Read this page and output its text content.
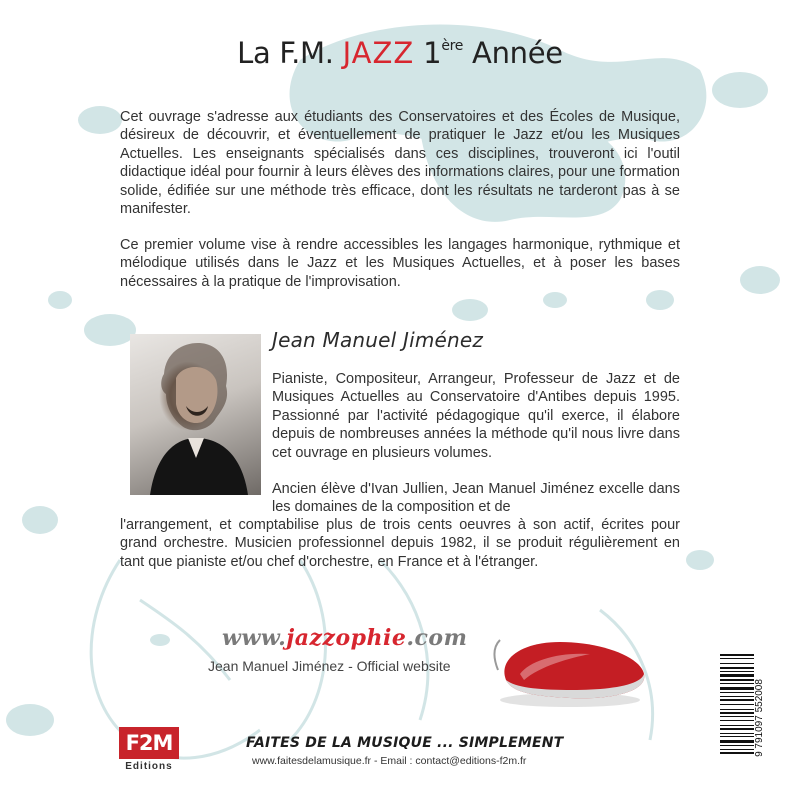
La F.M. JAZZ 1ère Année

Cet ouvrage s'adresse aux étudiants des Conservatoires et des Écoles de Musique, désireux de découvrir, et éventuellement de pratiquer le Jazz et/ou les Musiques Actuelles. Les enseignants spécialisés dans ces disciplines, trouveront ici l'outil didactique idéal pour fournir à leurs élèves des informations claires, pour une formation solide, édifiée sur une méthode très efficace, dont les résultats ne tarderont pas à se manifester.

Ce premier volume vise à rendre accessibles les langages harmonique, rythmique et mélodique utilisés dans le Jazz et les Musiques Actuelles, et à poser les bases nécessaires à la pratique de l'improvisation.

Jean Manuel Jiménez

Pianiste, Compositeur, Arrangeur, Professeur de Jazz et de Musiques Actuelles au Conservatoire d'Antibes depuis 1995. Passionné par l'activité pédagogique qu'il exerce, il élabore depuis de nombreuses années la méthode qu'il nous livre dans cet ouvrage en plusieurs volumes.

Ancien élève d'Ivan Jullien, Jean Manuel Jiménez excelle dans les domaines de la composition et de

l'arrangement, et comptabilise plus de trois cents oeuvres à son actif, écrites pour grand orchestre. Musicien professionnel depuis 1982, il se produit régulièrement en tant que pianiste et/ou chef d'orchestre, en France et à l'étranger.

www.jazzophie.com
Jean Manuel Jiménez - Official website
F2M
Editions
FAITES DE LA MUSIQUE ... SIMPLEMENT
www.faitesdelamusique.fr - Email : contact@editions-f2m.fr
9 791097 552008
